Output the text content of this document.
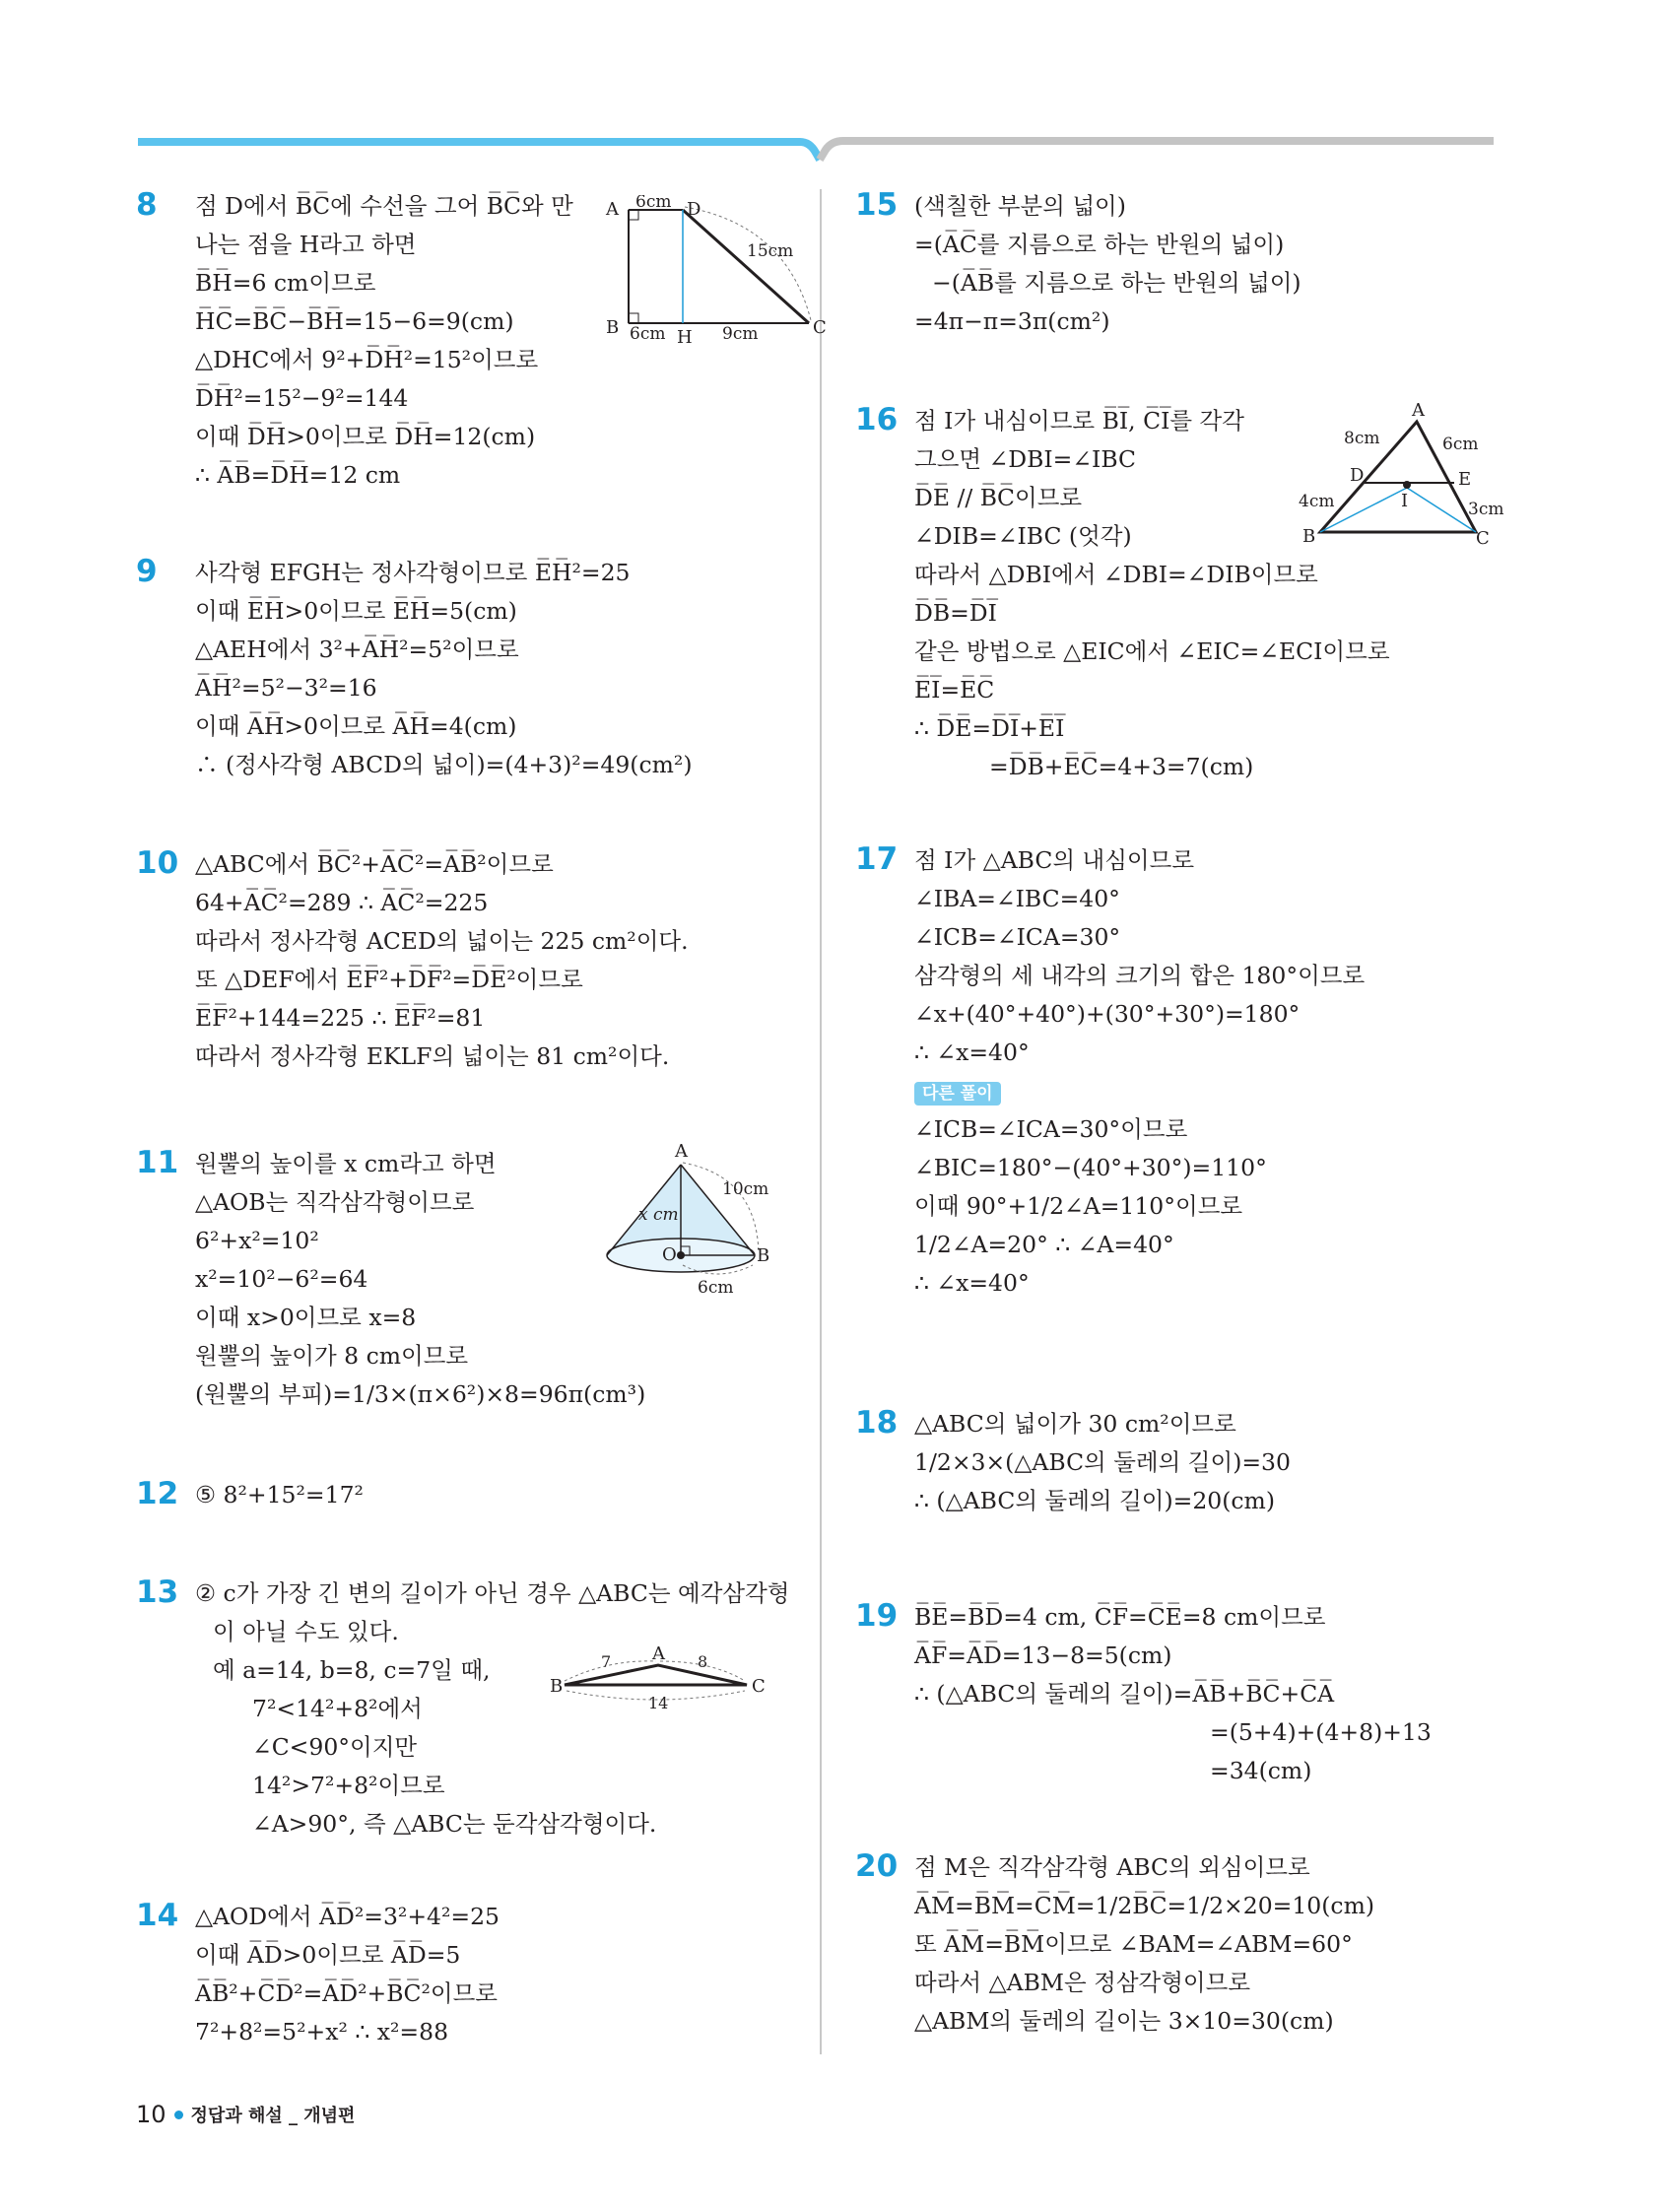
8 점 D에서 B̅C̅에 수선을 그어 B̅C̅와 만
나는 점을 H라고 하면
B̅H̅=6 cm이므로
H̅C̅=B̅C̅−B̅H̅=15−6=9(cm)
△DHC에서 9²+D̅H̅²=15²이므로
D̅H̅²=15²−9²=144
이때 D̅H̅>0이므로 D̅H̅=12(cm)
∴ A̅B̅=D̅H̅=12 cm
A	D
6cm
15cm
B	C
H
6cm	9cm
9 사각형 EFGH는 정사각형이므로 E̅H̅²=25
이때 E̅H̅>0이므로 E̅H̅=5(cm)
△AEH에서 3²+A̅H̅²=5²이므로
A̅H̅²=5²−3²=16
이때 A̅H̅>0이므로 A̅H̅=4(cm)
∴ (정사각형 ABCD의 넓이)=(4+3)²=49(cm²)
10 △ABC에서 B̅C̅²+A̅C̅²=A̅B̅²이므로
64+A̅C̅²=289 ∴ A̅C̅²=225
따라서 정사각형 ACED의 넓이는 225 cm²이다.
또 △DEF에서 E̅F̅²+D̅F̅²=D̅E̅²이므로
E̅F̅²+144=225 ∴ E̅F̅²=81
따라서 정사각형 EKLF의 넓이는 81 cm²이다.
11 원뿔의 높이를 x cm라고 하면
△AOB는 직각삼각형이므로
6²+x²=10²
x²=10²−6²=64
이때 x>0이므로 x=8
원뿔의 높이가 8 cm이므로
(원뿔의 부피)=1/3×(π×6²)×8=96π(cm³)
A
10cm
x cm
O	B
6cm
12 ⑤ 8²+15²=17²
13 ② c가 가장 긴 변의 길이가 아닌 경우 △ABC는 예각삼각형
이 아닐 수도 있다.
예 a=14, b=8, c=7일 때,
7²<14²+8²에서
∠C<90°이지만
14²>7²+8²이므로
∠A>90°, 즉 △ABC는 둔각삼각형이다.
A
B	C
7	8
14
14 △AOD에서 A̅D̅²=3²+4²=25
이때 A̅D̅>0이므로 A̅D̅=5
A̅B̅²+C̅D̅²=A̅D̅²+B̅C̅²이므로
7²+8²=5²+x² ∴ x²=88
15 (색칠한 부분의 넓이)
=(A̅C̅를 지름으로 하는 반원의 넓이)
−(A̅B̅를 지름으로 하는 반원의 넓이)
=4π−π=3π(cm²)
16 점 I가 내심이므로 B̅I̅, C̅I̅를 각각
그으면 ∠DBI=∠IBC
D̅E̅ // B̅C̅이므로
∠DIB=∠IBC (엇각)
따라서 △DBI에서 ∠DBI=∠DIB이므로
D̅B̅=D̅I̅
같은 방법으로 △EIC에서 ∠EIC=∠ECI이므로
E̅I̅=E̅C̅
∴ D̅E̅=D̅I̅+E̅I̅
=D̅B̅+E̅C̅=4+3=7(cm)
A
B	C
D	E
I
8cm	6cm
4cm	3cm
17 점 I가 △ABC의 내심이므로
∠IBA=∠IBC=40°
∠ICB=∠ICA=30°
삼각형의 세 내각의 크기의 합은 180°이므로
∠x+(40°+40°)+(30°+30°)=180°
∴ ∠x=40°
다른 풀이
∠ICB=∠ICA=30°이므로
∠BIC=180°−(40°+30°)=110°
이때 90°+1/2∠A=110°이므로
1/2∠A=20° ∴ ∠A=40°
∴ ∠x=40°
18 △ABC의 넓이가 30 cm²이므로
1/2×3×(△ABC의 둘레의 길이)=30
∴ (△ABC의 둘레의 길이)=20(cm)
19 B̅E̅=B̅D̅=4 cm, C̅F̅=C̅E̅=8 cm이므로
A̅F̅=A̅D̅=13−8=5(cm)
∴ (△ABC의 둘레의 길이)=A̅B̅+B̅C̅+C̅A̅
=(5+4)+(4+8)+13
=34(cm)
20 점 M은 직각삼각형 ABC의 외심이므로
A̅M̅=B̅M̅=C̅M̅=1/2B̅C̅=1/2×20=10(cm)
또 A̅M̅=B̅M̅이므로 ∠BAM=∠ABM=60°
따라서 △ABM은 정삼각형이므로
△ABM의 둘레의 길이는 3×10=30(cm)
10 정답과 해설 _ 개념편
